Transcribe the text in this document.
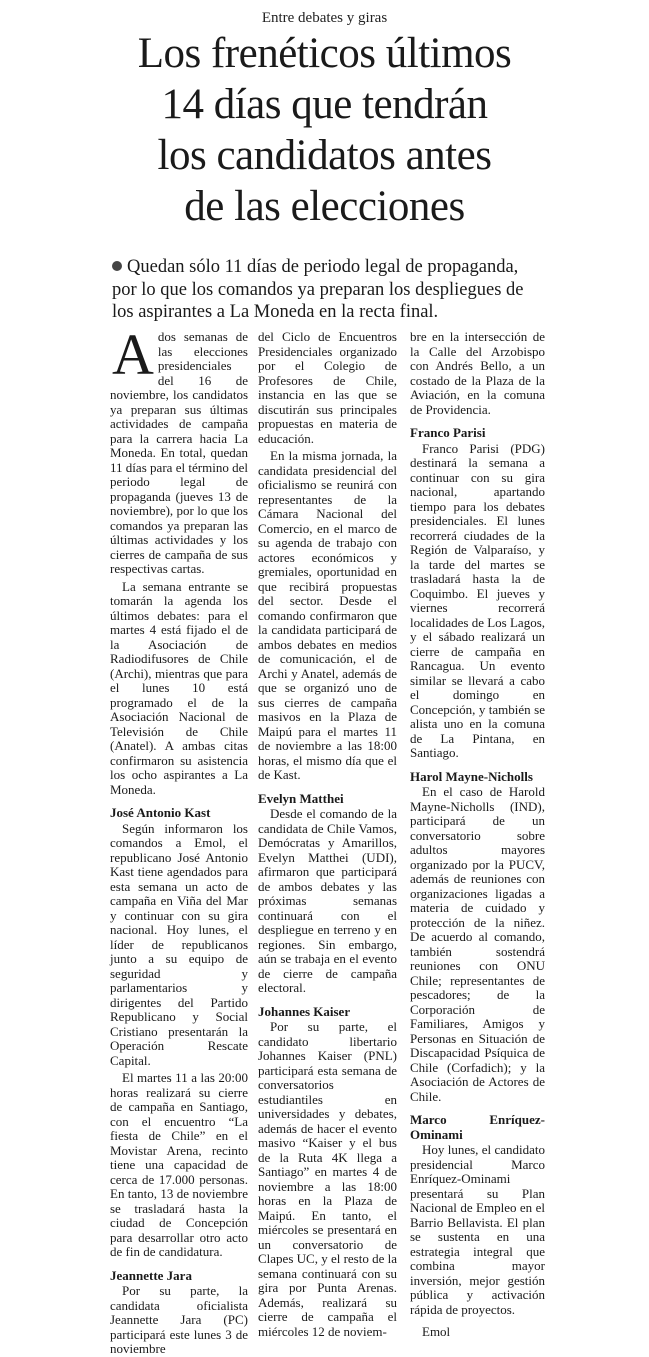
Entre debates y giras
Los frenéticos últimos
14 días que tendrán
los candidatos antes
de las elecciones
Quedan sólo 11 días de periodo legal de propaganda, por lo que los comandos ya preparan los despliegues de los aspirantes a La Moneda en la recta final.

Ados semanas de las elecciones presidenciales del 16 de noviembre, los candidatos ya preparan sus últimas actividades de campaña para la carrera hacia La Moneda. En total, quedan 11 días para el término del periodo legal de propaganda (jueves 13 de noviembre), por lo que los comandos ya preparan las últimas actividades y los cierres de campaña de sus respectivas cartas.

La semana entrante se tomarán la agenda los últimos debates: para el martes 4 está fijado el de la Asociación de Radiodifusores de Chile (Archi), mientras que para el lunes 10 está programado el de la Asociación Nacional de Televisión de Chile (Anatel). A ambas citas confirmaron su asistencia los ocho aspirantes a La Moneda.

José Antonio Kast

Según informaron los comandos a Emol, el republicano José Antonio Kast tiene agendados para esta semana un acto de campaña en Viña del Mar y continuar con su gira nacional. Hoy lunes, el líder de republicanos junto a su equipo de seguridad y parlamentarios y dirigentes del Partido Republicano y Social Cristiano presentarán la Operación Rescate Capital.

El martes 11 a las 20:00 horas realizará su cierre de campaña en Santiago, con el encuentro “La fiesta de Chile” en el Movistar Arena, recinto tiene una capacidad de cerca de 17.000 personas. En tanto, 13 de noviembre se trasladará hasta la ciudad de Concepción para desarrollar otro acto de fin de candidatura.

Jeannette Jara

Por su parte, la candidata oficialista Jeannette Jara (PC) participará este lunes 3 de noviembre

del Ciclo de Encuentros Presidenciales organizado por el Colegio de Profesores de Chile, instancia en las que se discutirán sus principales propuestas en materia de educación.

En la misma jornada, la candidata presidencial del oficialismo se reunirá con representantes de la Cámara Nacional del Comercio, en el marco de su agenda de trabajo con actores económicos y gremiales, oportunidad en que recibirá propuestas del sector. Desde el comando confirmaron que la candidata participará de ambos debates en medios de comunicación, el de Archi y Anatel, además de que se organizó uno de sus cierres de campaña masivos en la Plaza de Maipú para el martes 11 de noviembre a las 18:00 horas, el mismo día que el de Kast.

Evelyn Matthei

Desde el comando de la candidata de Chile Vamos, Demócratas y Amarillos, Evelyn Matthei (UDI), afirmaron que participará de ambos debates y las próximas semanas continuará con el despliegue en terreno y en regiones. Sin embargo, aún se trabaja en el evento de cierre de campaña electoral.

Johannes Kaiser

Por su parte, el candidato libertario Johannes Kaiser (PNL) participará esta semana de conversatorios estudiantiles en universidades y debates, además de hacer el evento masivo “Kaiser y el bus de la Ruta 4K llega a Santiago” en martes 4 de noviembre a las 18:00 horas en la Plaza de Maipú. En tanto, el miércoles se presentará en un conversatorio de Clapes UC, y el resto de la semana continuará con su gira por Punta Arenas. Además, realizará su cierre de campaña el miércoles 12 de noviem-

bre en la intersección de la Calle del Arzobispo con Andrés Bello, a un costado de la Plaza de la Aviación, en la comuna de Providencia.

Franco Parisi

Franco Parisi (PDG) destinará la semana a continuar con su gira nacional, apartando tiempo para los debates presidenciales. El lunes recorrerá ciudades de la Región de Valparaíso, y la tarde del martes se trasladará hasta la de Coquimbo. El jueves y viernes recorrerá localidades de Los Lagos, y el sábado realizará un cierre de campaña en Rancagua. Un evento similar se llevará a cabo el domingo en Concepción, y también se alista uno en la comuna de La Pintana, en Santiago.

Harol Mayne-Nicholls

En el caso de Harold Mayne-Nicholls (IND), participará de un conversatorio sobre adultos mayores organizado por la PUCV, además de reuniones con organizaciones ligadas a materia de cuidado y protección de la niñez. De acuerdo al comando, también sostendrá reuniones con ONU Chile; representantes de pescadores; de la Corporación de Familiares, Amigos y Personas en Situación de Discapacidad Psíquica de Chile (Corfadich); y la Asociación de Actores de Chile.

Marco Enríquez-Ominami

Hoy lunes, el candidato presidencial Marco Enríquez-Ominami presentará su Plan Nacional de Empleo en el Barrio Bellavista. El plan se sustenta en una estrategia integral que combina mayor inversión, mejor gestión pública y activación rápida de proyectos.

Emol
